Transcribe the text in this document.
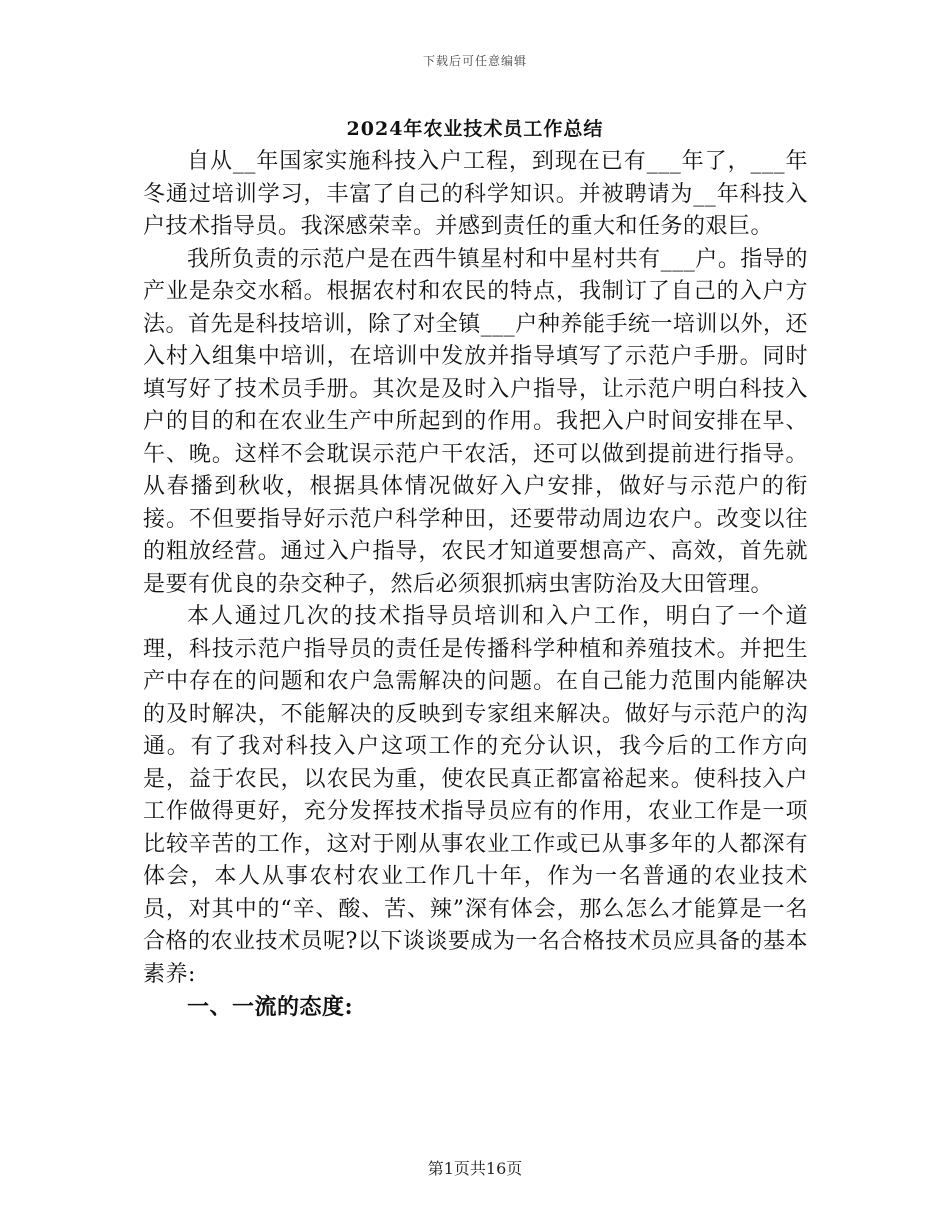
下载后可任意编辑
2024年农业技术员工作总结

自从__年国家实施科技入户工程，到现在已有___年了，___年冬通过培训学习，丰富了自己的科学知识。并被聘请为__年科技入户技术指导员。我深感荣幸。并感到责任的重大和任务的艰巨。

我所负责的示范户是在西牛镇星村和中星村共有___户。指导的产业是杂交水稻。根据农村和农民的特点，我制订了自己的入户方法。首先是科技培训，除了对全镇___户种养能手统一培训以外，还入村入组集中培训，在培训中发放并指导填写了示范户手册。同时填写好了技术员手册。其次是及时入户指导，让示范户明白科技入户的目的和在农业生产中所起到的作用。我把入户时间安排在早、午、晚。这样不会耽误示范户干农活，还可以做到提前进行指导。从春播到秋收，根据具体情况做好入户安排，做好与示范户的衔接。不但要指导好示范户科学种田，还要带动周边农户。改变以往的粗放经营。通过入户指导，农民才知道要想高产、高效，首先就是要有优良的杂交种子，然后必须狠抓病虫害防治及大田管理。

本人通过几次的技术指导员培训和入户工作，明白了一个道理，科技示范户指导员的责任是传播科学种植和养殖技术。并把生产中存在的问题和农户急需解决的问题。在自己能力范围内能解决的及时解决，不能解决的反映到专家组来解决。做好与示范户的沟通。有了我对科技入户这项工作的充分认识，我今后的工作方向是，益于农民，以农民为重，使农民真正都富裕起来。使科技入户工作做得更好，充分发挥技术指导员应有的作用，农业工作是一项比较辛苦的工作，这对于刚从事农业工作或已从事多年的人都深有体会，本人从事农村农业工作几十年，作为一名普通的农业技术员，对其中的“辛、酸、苦、辣”深有体会，那么怎么才能算是一名合格的农业技术员呢?以下谈谈要成为一名合格技术员应具备的基本素养:

一、一流的态度:

第1页共16页
